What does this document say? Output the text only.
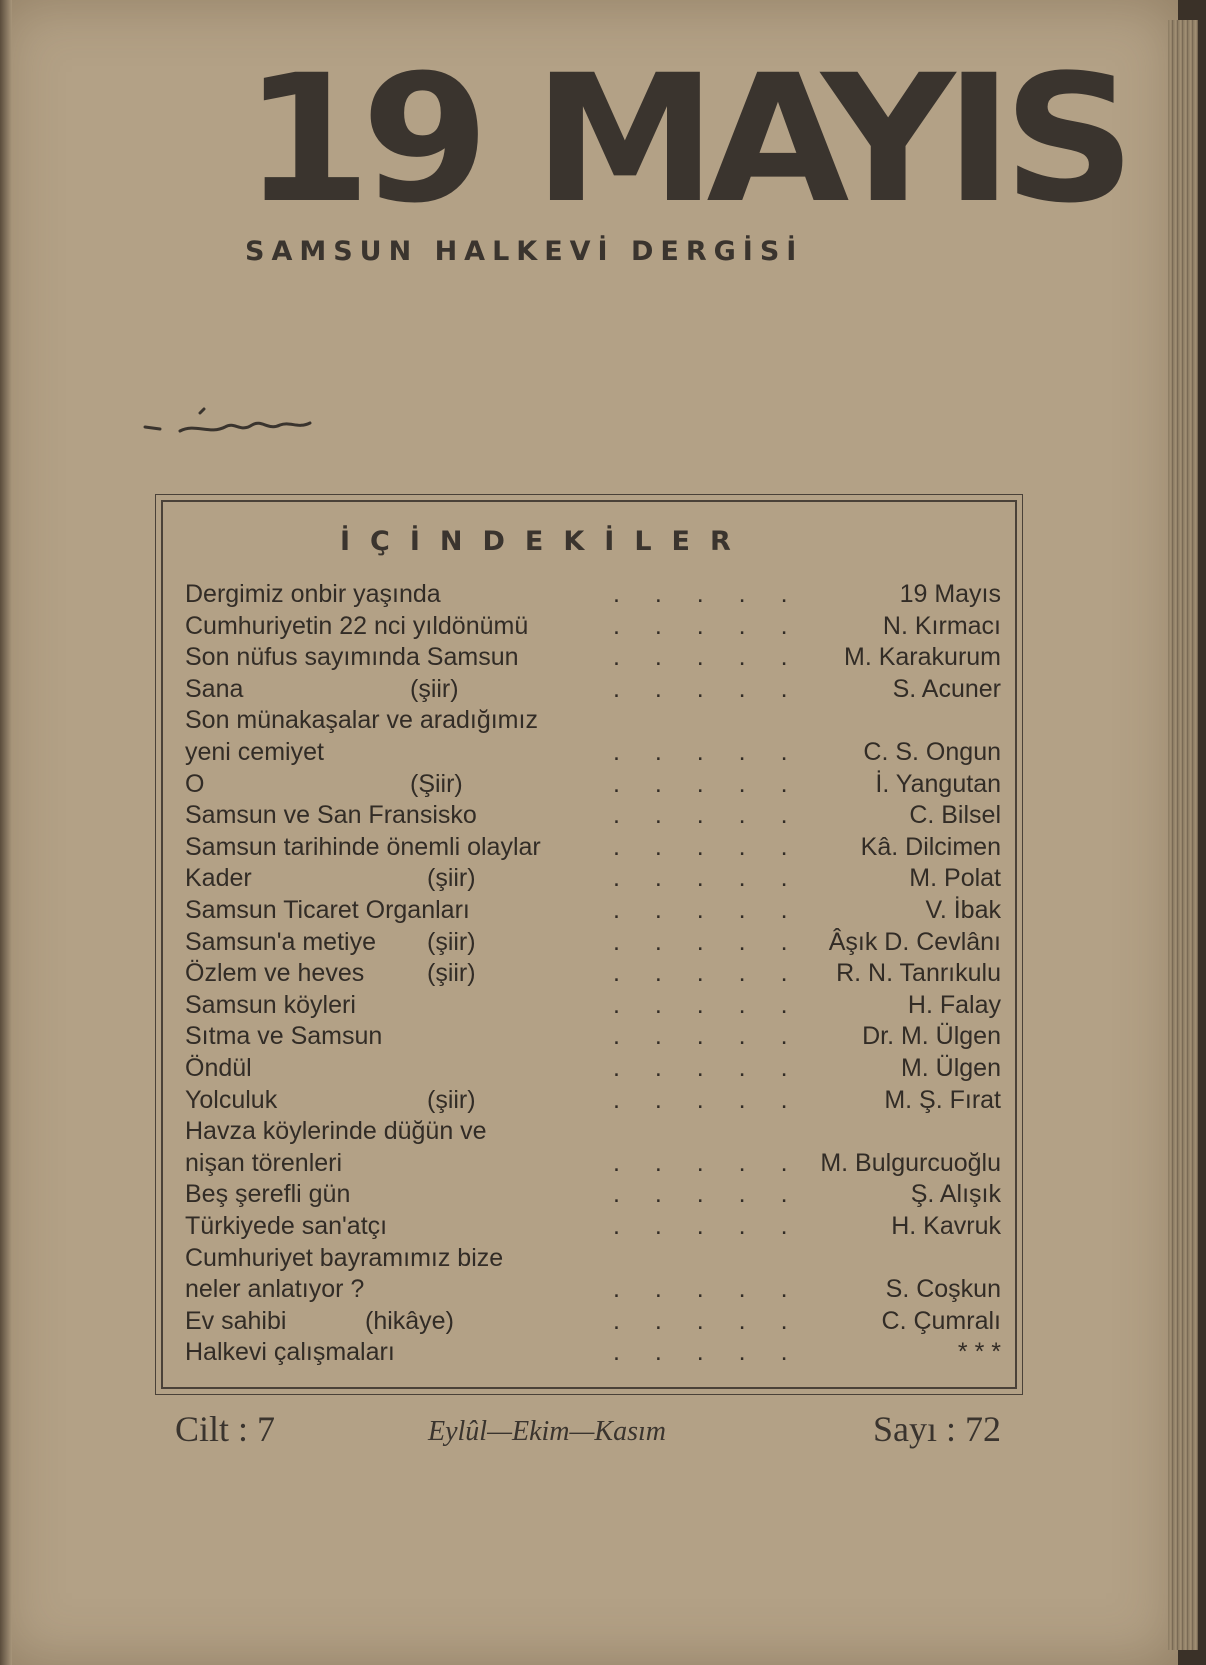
19 MAYIS
SAMSUN HALKEVİ DERGİSİ
İÇİNDEKİLER
Dergimiz onbir yaşında	. . . . .	19 Mayıs
Cumhuriyetin 22 nci yıldönümü	. . . . .	N. Kırmacı
Son nüfus sayımında Samsun	. . . . . M. Karakurum
Sana	(şiir)	. . . . .	S. Acuner
Son münakaşalar ve aradığımız
yeni cemiyet	. . . . . C. S. Ongun
O	(Şiir)	. . . . .	İ. Yangutan
Samsun ve San Fransisko	. . . . .	C. Bilsel
Samsun tarihinde önemli olaylar	. . . . . Kâ. Dilcimen
Kader	(şiir)	. . . . .	M. Polat
Samsun Ticaret Organları	. . . . .	V. İbak
Samsun'a metiye (şiir)	. . . . . Âşık D. Cevlânı
Özlem ve heves	(şiir)	. . . . . R. N. Tanrıkulu
Samsun köyleri	. . . . .	H. Falay
Sıtma ve Samsun	. . . . . Dr. M. Ülgen
Öndül	. . . . .	M. Ülgen
Yolculuk	(şiir)	. . . . .	M. Ş. Fırat
Havza köylerinde düğün ve
nişan törenleri	. . . . . M. Bulgurcuoğlu
Beş şerefli gün	. . . . .	Ş. Alışık
Türkiyede san'atçı	. . . . .	H. Kavruk
Cumhuriyet bayramımız bize
neler anlatıyor ?	. . . . .	S. Coşkun
Ev sahibi	(hikâye)	. . . . .	C. Çumralı
Halkevi çalışmaları	. . . . .	* * *
Cilt : 7	Eylûl—Ekim—Kasım	Sayı : 72
